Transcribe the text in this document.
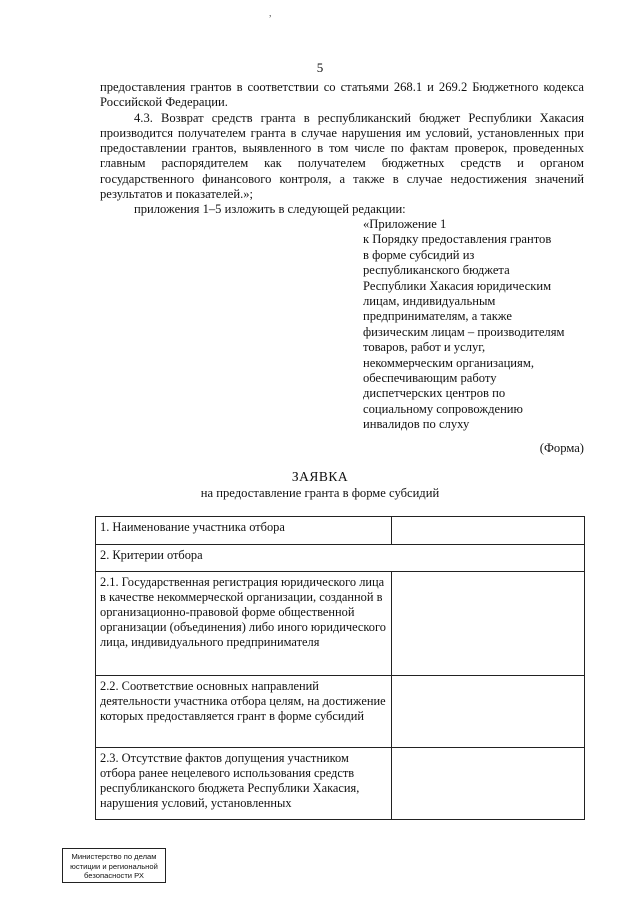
,
5

предоставления грантов в соответствии со статьями 268.1 и 269.2 Бюджетного кодекса Российской Федерации.

4.3. Возврат средств гранта в республиканский бюджет Республики Хакасия производится получателем гранта в случае нарушения им условий, установленных при предоставлении грантов, выявленного в том числе по фактам проверок, проведенных главным распорядителем как получателем бюджетных средств и органом государственного финансового контроля, а также в случае недостижения значений результатов и показателей.»;

приложения 1–5 изложить в следующей редакции:

«Приложение 1
к Порядку предоставления грантов
в форме субсидий из
республиканского бюджета
Республики Хакасия юридическим
лицам, индивидуальным
предпринимателям, а также
физическим лицам – производителям
товаров, работ и услуг,
некоммерческим организациям,
обеспечивающим работу
диспетчерских центров по
социальному сопровождению
инвалидов по слуху
(Форма)
ЗАЯВКА
на предоставление гранта в форме субсидий
1. Наименование участника отбора	
2. Критерии отбора	
2.1. Государственная регистрация юридического лица в качестве некоммерческой организации, созданной в организационно-правовой форме общественной организации (объединения) либо иного юридического лица, индивидуального предпринимателя	
2.2. Соответствие основных направлений деятельности участника отбора целям, на достижение которых предоставляется грант в форме субсидий	
2.3. Отсутствие фактов допущения участником отбора ранее нецелевого использования средств республиканского бюджета Республики Хакасия, нарушения условий, установленных	
Министерство по делам
юстиции и региональной
безопасности РХ
